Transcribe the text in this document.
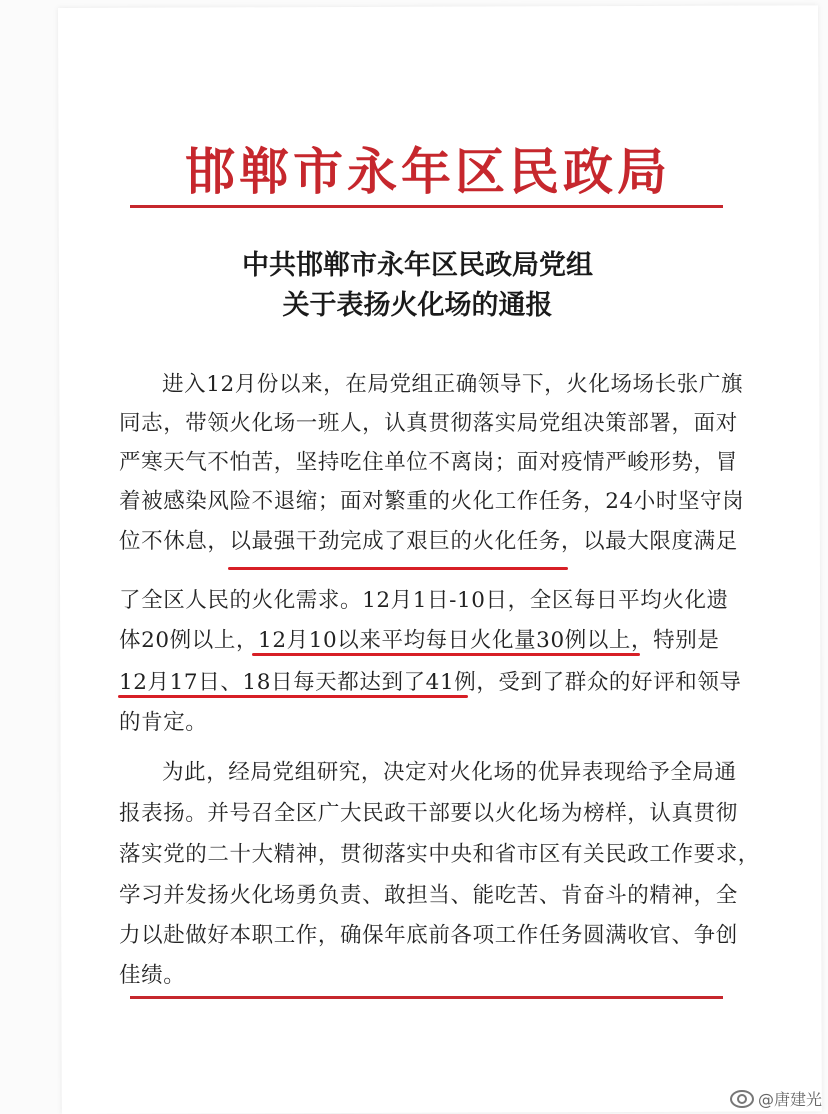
邯郸市永年区民政局
中共邯郸市永年区民政局党组
关于表扬火化场的通报
进入12月份以来，在局党组正确领导下，火化场场长张广旗
同志，带领火化场一班人，认真贯彻落实局党组决策部署，面对
严寒天气不怕苦，坚持吃住单位不离岗；面对疫情严峻形势，冒
着被感染风险不退缩；面对繁重的火化工作任务，24小时坚守岗
位不休息，以最强干劲完成了艰巨的火化任务，以最大限度满足
了全区人民的火化需求。12月1日-10日，全区每日平均火化遗
体20例以上，12月10以来平均每日火化量30例以上，特别是
12月17日、18日每天都达到了41例，受到了群众的好评和领导
的肯定。
为此，经局党组研究，决定对火化场的优异表现给予全局通
报表扬。并号召全区广大民政干部要以火化场为榜样，认真贯彻
落实党的二十大精神，贯彻落实中央和省市区有关民政工作要求，
学习并发扬火化场勇负责、敢担当、能吃苦、肯奋斗的精神，全
力以赴做好本职工作，确保年底前各项工作任务圆满收官、争创
佳绩。
@唐建光
